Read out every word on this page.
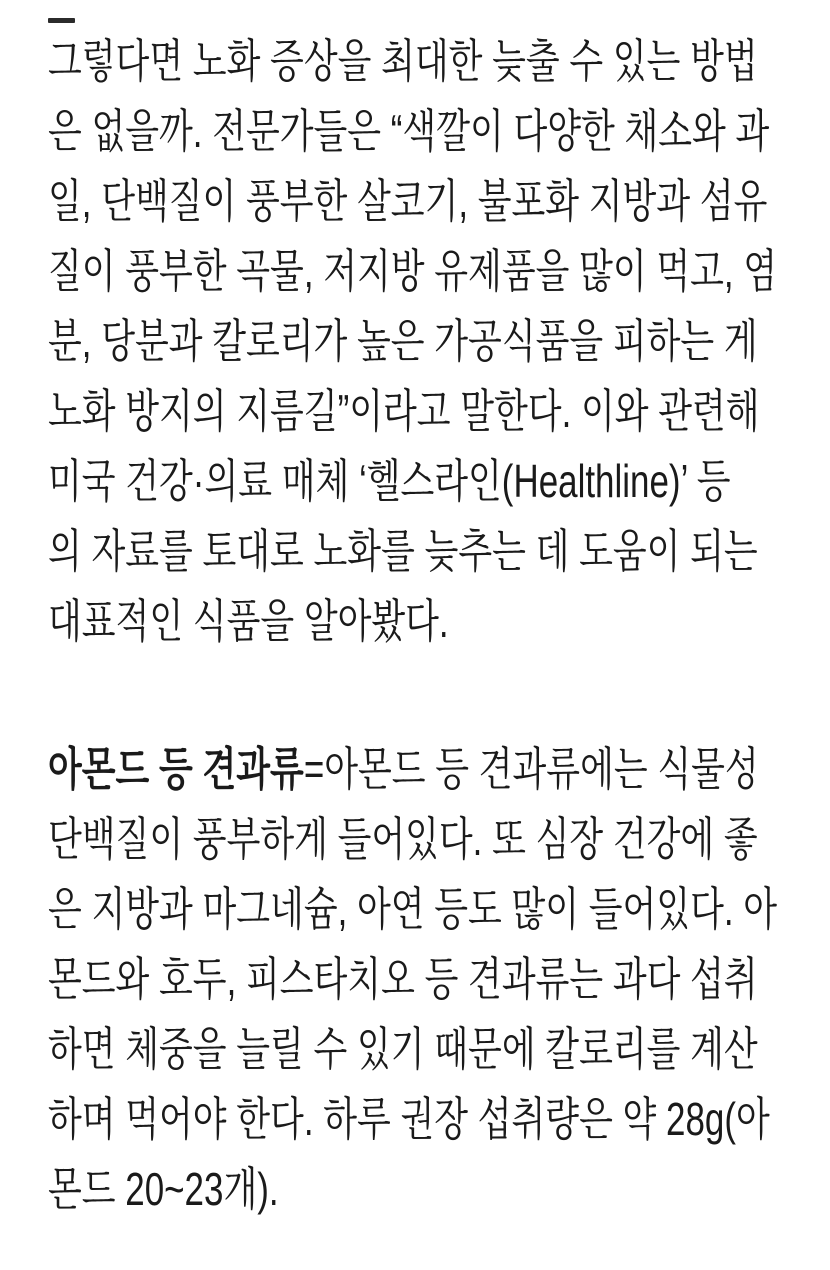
그렇다면 노화 증상을 최대한 늦출 수 있는 방법

은 없을까. 전문가들은 “색깔이 다양한 채소와 과

일, 단백질이 풍부한 살코기, 불포화 지방과 섬유

질이 풍부한 곡물, 저지방 유제품을 많이 먹고, 염

분, 당분과 칼로리가 높은 가공식품을 피하는 게

노화 방지의 지름길”이라고 말한다. 이와 관련해

미국 건강·의료 매체 ‘헬스라인(Healthline)’ 등

의 자료를 토대로 노화를 늦추는 데 도움이 되는

대표적인 식품을 알아봤다.

아몬드 등 견과류=아몬드 등 견과류에는 식물성

단백질이 풍부하게 들어있다. 또 심장 건강에 좋

은 지방과 마그네슘, 아연 등도 많이 들어있다. 아

몬드와 호두, 피스타치오 등 견과류는 과다 섭취

하면 체중을 늘릴 수 있기 때문에 칼로리를 계산

하며 먹어야 한다. 하루 권장 섭취량은 약 28g(아

몬드 20~23개).
